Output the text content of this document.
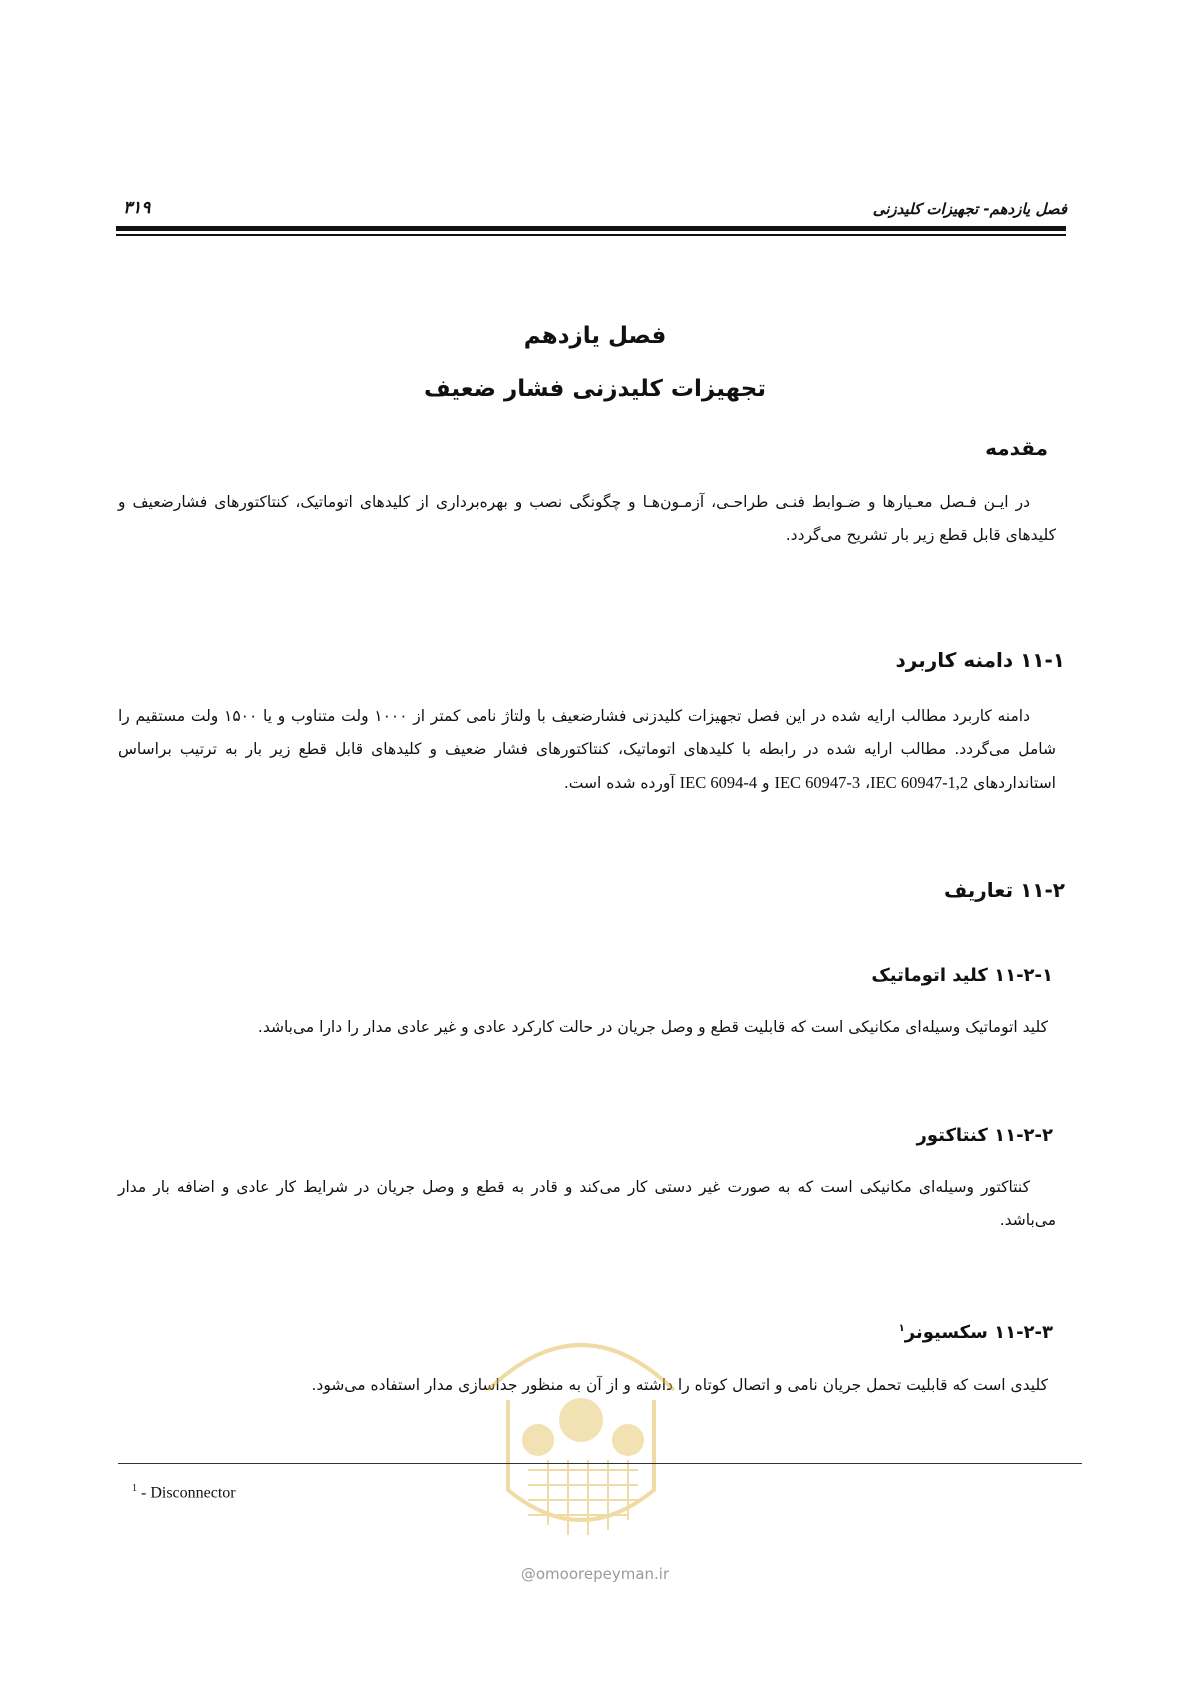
فصل یازدهم- تجهیزات کلیدزنی
۳۱۹
فصل یازدهم
تجهیزات کلیدزنی فشار ضعیف
مقدمه

در ایـن فـصل معـیارها و ضـوابط فنـی طراحـی، آزمـون‌هـا و چگونگی نصب و بهره‌برداری از کلیدهای اتوماتیک، کنتاکتورهای فشارضعیف و کلیدهای قابل قطع زیر بار تشریح می‌گردد.

۱۱-۱ دامنه کاربرد

دامنه کاربرد مطالب ارایه شده در این فصل تجهیزات کلیدزنی فشارضعیف با ولتاژ نامی کمتر از ۱۰۰۰ ولت متناوب و یا ۱۵۰۰ ولت مستقیم را شامل می‌گردد. مطالب ارایه شده در رابطه با کلیدهای اتوماتیک، کنتاکتورهای فشار ضعیف و کلیدهای قابل قطع زیر بار به ترتیب براساس استانداردهای IEC 60947-1,2، IEC 60947-3 و IEC 6094-4 آورده شده است.

۱۱-۲ تعاریف
۱۱-۲-۱ کلید اتوماتیک

کلید اتوماتیک وسیله‌ای مکانیکی است که قابلیت قطع و وصل جریان در حالت کارکرد عادی و غیر عادی مدار را دارا می‌باشد.

۱۱-۲-۲ کنتاکتور

کنتاکتور وسیله‌ای مکانیکی است که به صورت غیر دستی کار می‌کند و قادر به قطع و وصل جریان در شرایط کار عادی و اضافه بار مدار می‌باشد.

۱۱-۲-۳ سکسیونر$^۱$

کلیدی است که قابلیت تحمل جریان نامی و اتصال کوتاه را داشته و از آن به منظور جداسازی مدار استفاده می‌شود.

@omoorepeyman.ir
$^1$ - Disconnector
